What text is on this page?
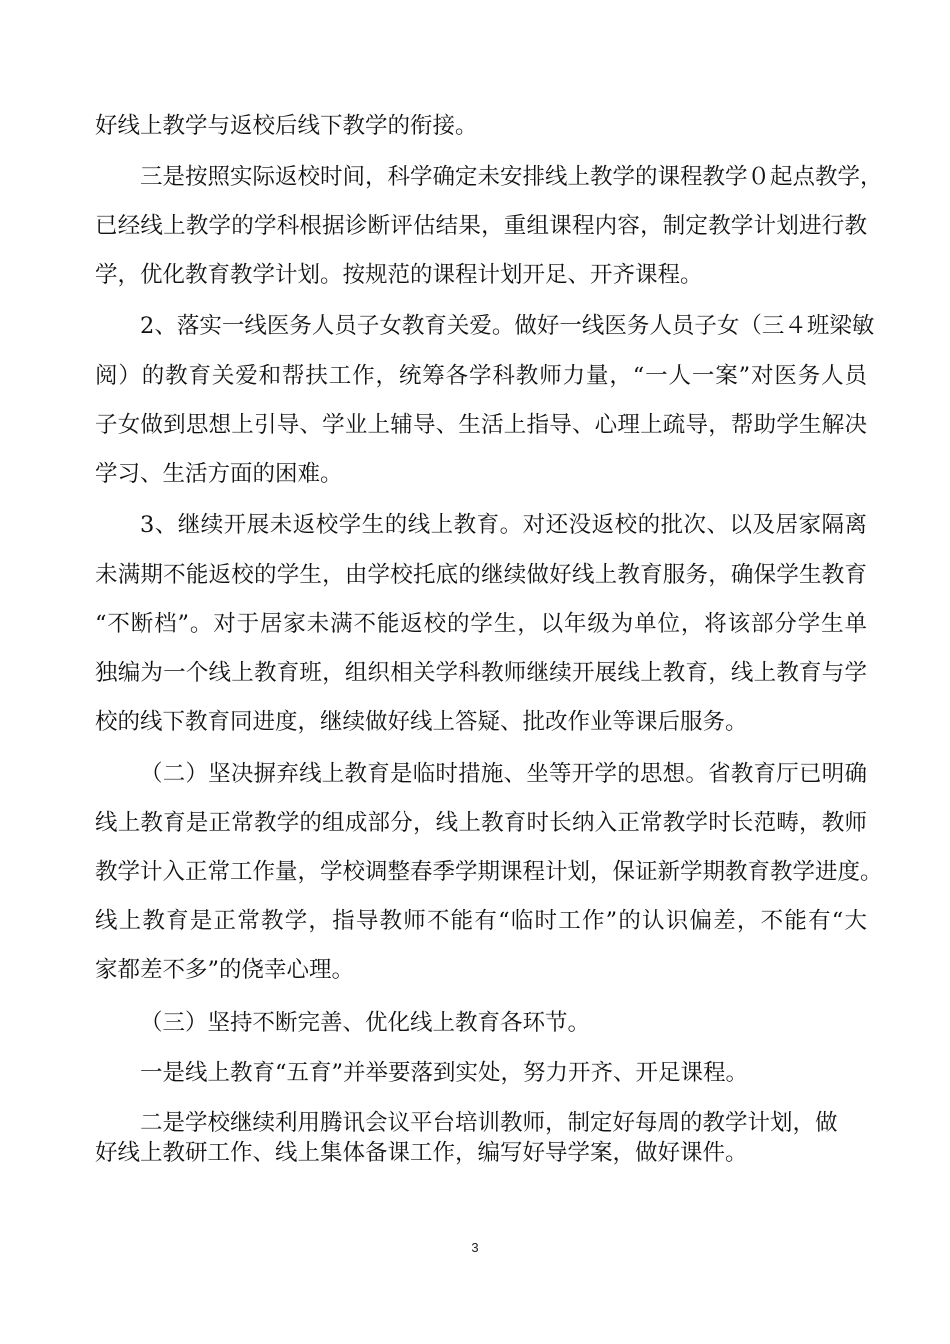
好线上教学与返校后线下教学的衔接。

三是按照实际返校时间，科学确定未安排线上教学的课程教学０起点教学，

已经线上教学的学科根据诊断评估结果，重组课程内容，制定教学计划进行教

学，优化教育教学计划。按规范的课程计划开足、开齐课程。

2、落实一线医务人员子女教育关爱。做好一线医务人员子女（三４班梁敏

阅）的教育关爱和帮扶工作，统筹各学科教师力量，“一人一案”对医务人员

子女做到思想上引导、学业上辅导、生活上指导、心理上疏导，帮助学生解决

学习、生活方面的困难。

3、继续开展未返校学生的线上教育。对还没返校的批次、以及居家隔离

未满期不能返校的学生，由学校托底的继续做好线上教育服务，确保学生教育

“不断档”。对于居家未满不能返校的学生，以年级为单位，将该部分学生单

独编为一个线上教育班，组织相关学科教师继续开展线上教育，线上教育与学

校的线下教育同进度，继续做好线上答疑、批改作业等课后服务。

（二）坚决摒弃线上教育是临时措施、坐等开学的思想。省教育厅已明确

线上教育是正常教学的组成部分，线上教育时长纳入正常教学时长范畴，教师

教学计入正常工作量，学校调整春季学期课程计划，保证新学期教育教学进度。

线上教育是正常教学，指导教师不能有“临时工作”的认识偏差，不能有“大

家都差不多”的侥幸心理。

（三）坚持不断完善、优化线上教育各环节。

一是线上教育“五育”并举要落到实处，努力开齐、开足课程。

二是学校继续利用腾讯会议平台培训教师，制定好每周的教学计划，做

好线上教研工作、线上集体备课工作，编写好导学案，做好课件。

3
